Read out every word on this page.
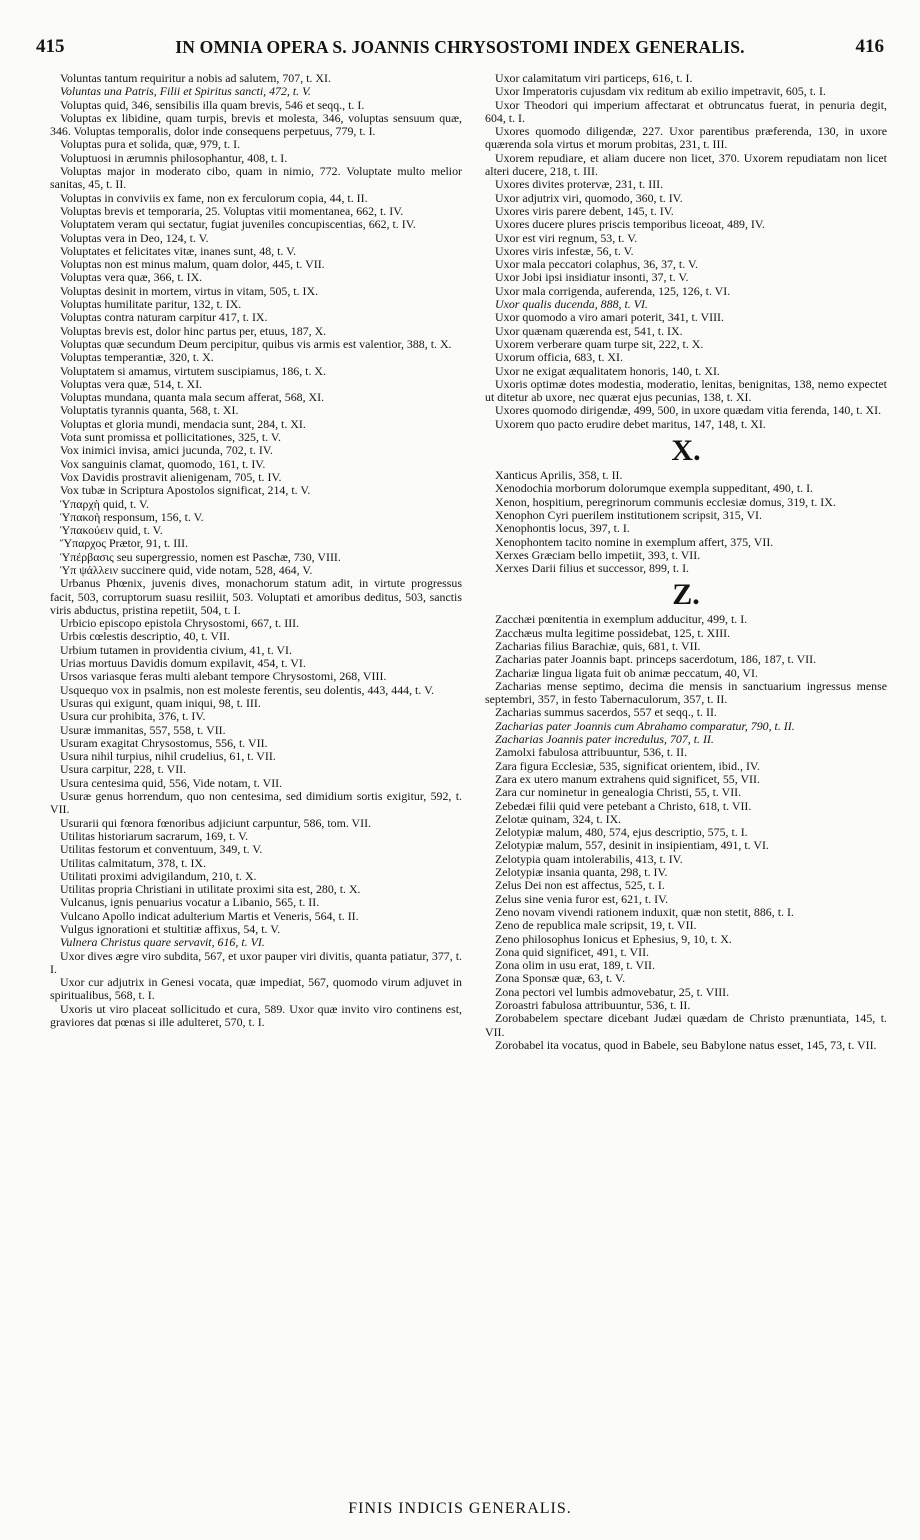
415	IN OMNIA OPERA S. JOANNIS CHRYSOSTOMI INDEX GENERALIS.	416
Voluntas tantum requiritur a nobis ad salutem, 707, t. XI.
Voluntas una Patris, Filii et Spiritus sancti, 472, t. V.
Voluptas quid, 346, sensibilis illa quam brevis, 546 et seqq., t. I.
Voluptas ex libidine, quam turpis, brevis et molesta, 346, voluptas sensuum quæ, 346. Voluptas temporalis, dolor inde consequens perpetuus, 779, t. I.
Voluptas pura et solida, quæ, 979, t. I.
Voluptuosi in ærumnis philosophantur, 408, t. I.
Voluptas major in moderato cibo, quam in nimio, 772. Voluptate multo melior sanitas, 45, t. II.
Voluptas in conviviis ex fame, non ex ferculorum copia, 44, t. II.
Voluptas brevis et temporaria, 25. Voluptas vitii momentanea, 662, t. IV.
Voluptatem veram qui sectatur, fugiat juveniles concupiscentias, 662, t. IV.
Voluptas vera in Deo, 124, t. V.
Voluptates et felicitates vitæ, inanes sunt, 48, t. V.
Voluptas non est minus malum, quam dolor, 445, t. VII.
Voluptas vera quæ, 366, t. IX.
Voluptas desinit in mortem, virtus in vitam, 505, t. IX.
Voluptas humilitate paritur, 132, t. IX.
Voluptas contra naturam carpitur 417, t. IX.
Voluptas brevis est, dolor hinc partus per, etuus, 187, X.
Voluptas quæ secundum Deum percipitur, quibus vis armis est valentior, 388, t. X.
Voluptas temperantiæ, 320, t. X.
Voluptatem si amamus, virtutem suscipiamus, 186, t. X.
Voluptas vera quæ, 514, t. XI.
Voluptas mundana, quanta mala secum afferat, 568, XI.
Voluptatis tyrannis quanta, 568, t. XI.
Voluptas et gloria mundi, mendacia sunt, 284, t. XI.
Vota sunt promissa et pollicitationes, 325, t. V.
Vox inimici invisa, amici jucunda, 702, t. IV.
Vox sanguinis clamat, quomodo, 161, t. IV.
Vox Davidis prostravit alienigenam, 705, t. IV.
Vox tubæ in Scriptura Apostolos significat, 214, t. V.
Ὑπαρχὴ quid, t. V.
Ὑπακοὴ responsum, 156, t. V.
Ὑπακούειν quid, t. V.
Ὕπαρχος Prætor, 91, t. III.
Ὑπέρβασις seu supergressio, nomen est Paschæ, 730, VIII.
Ὑπ ψάλλειν succinere quid, vide notam, 528, 464, V.
Urbanus Phœnix, juvenis dives, monachorum statum adit, in virtute progressus facit, 503, corruptorum suasu resiliit, 503. Voluptati et amoribus deditus, 503, sanctis viris abductus, pristina repetiit, 504, t. I.
Urbicio episcopo epistola Chrysostomi, 667, t. III.
Urbis cœlestis descriptio, 40, t. VII.
Urbium tutamen in providentia civium, 41, t. VI.
Urias mortuus Davidis domum expilavit, 454, t. VI.
Ursos variasque feras multi alebant tempore Chrysostomi, 268, VIII.
Usquequo vox in psalmis, non est moleste ferentis, seu dolentis, 443, 444, t. V.
Usuras qui exigunt, quam iniqui, 98, t. III.
Usura cur prohibita, 376, t. IV.
Usuræ immanitas, 557, 558, t. VII.
Usuram exagitat Chrysostomus, 556, t. VII.
Usura nihil turpius, nihil crudelius, 61, t. VII.
Usura carpitur, 228, t. VII.
Usura centesima quid, 556, Vide notam, t. VII.
Usuræ genus horrendum, quo non centesima, sed dimidium sortis exigitur, 592, t. VII.
Usurarii qui fœnora fœnoribus adjiciunt carpuntur, 586, tom. VII.
Utilitas historiarum sacrarum, 169, t. V.
Utilitas festorum et conventuum, 349, t. V.
Utilitas calmitatum, 378, t. IX.
Utilitati proximi advigilandum, 210, t. X.
Utilitas propria Christiani in utilitate proximi sita est, 280, t. X.
Vulcanus, ignis penuarius vocatur a Libanio, 565, t. II.
Vulcano Apollo indicat adulterium Martis et Veneris, 564, t. II.
Vulgus ignorationi et stultitiæ affixus, 54, t. V.
Vulnera Christus quare servavit, 616, t. VI.
Uxor dives ægre viro subdita, 567, et uxor pauper viri divitis, quanta patiatur, 377, t. I.
Uxor cur adjutrix in Genesi vocata, quæ impediat, 567, quomodo virum adjuvet in spiritualibus, 568, t. I.
Uxoris ut viro placeat sollicitudo et cura, 589. Uxor quæ invito viro continens est, graviores dat pœnas si ille adulteret, 570, t. I.
Uxor calamitatum viri particeps, 616, t. I.
Uxor Imperatoris cujusdam vix reditum ab exilio impetravit, 605, t. I.
Uxor Theodori qui imperium affectarat et obtruncatus fuerat, in penuria degit, 604, t. I.
Uxores quomodo diligendæ, 227. Uxor parentibus præferenda, 130, in uxore quærenda sola virtus et morum probitas, 231, t. III.
Uxorem repudiare, et aliam ducere non licet, 370. Uxorem repudiatam non licet alteri ducere, 218, t. III.
Uxores divites protervæ, 231, t. III.
Uxor adjutrix viri, quomodo, 360, t. IV.
Uxores viris parere debent, 145, t. IV.
Uxores ducere plures priscis temporibus liceoat, 489, IV.
Uxor est viri regnum, 53, t. V.
Uxores viris infestæ, 56, t. V.
Uxor mala peccatori colaphus, 36, 37, t. V.
Uxor Jobi ipsi insidiatur insonti, 37, t. V.
Uxor mala corrigenda, auferenda, 125, 126, t. VI.
Uxor qualis ducenda, 888, t. VI.
Uxor quomodo a viro amari poterit, 341, t. VIII.
Uxor quænam quærenda est, 541, t. IX.
Uxorem verberare quam turpe sit, 222, t. X.
Uxorum officia, 683, t. XI.
Uxor ne exigat æqualitatem honoris, 140, t. XI.
Uxoris optimæ dotes modestia, moderatio, lenitas, benignitas, 138, nemo expectet ut ditetur ab uxore, nec quærat ejus pecunias, 138, t. XI.
Uxores quomodo dirigendæ, 499, 500, in uxore quædam vitia ferenda, 140, t. XI.
Uxorem quo pacto erudire debet maritus, 147, 148, t. XI.
X.
Xanticus Aprilis, 358, t. II.
Xenodochia morborum dolorumque exempla suppeditant, 490, t. I.
Xenon, hospitium, peregrinorum communis ecclesiæ domus, 319, t. IX.
Xenophon Cyri puerilem institutionem scripsit, 315, VI.
Xenophontis locus, 397, t. I.
Xenophontem tacito nomine in exemplum affert, 375, VII.
Xerxes Græciam bello impetiit, 393, t. VII.
Xerxes Darii filius et successor, 899, t. I.
Z.
Zacchæi pœnitentia in exemplum adducitur, 499, t. I.
Zacchæus multa legitime possidebat, 125, t. XIII.
Zacharias filius Barachiæ, quis, 681, t. VII.
Zacharias pater Joannis bapt. princeps sacerdotum, 186, 187, t. VII.
Zachariæ lingua ligata fuit ob animæ peccatum, 40, VI.
Zacharias mense septimo, decima die mensis in sanctuarium ingressus mense septembri, 357, in festo Tabernaculorum, 357, t. II.
Zacharias summus sacerdos, 557 et seqq., t. II.
Zacharias pater Joannis cum Abrahamo comparatur, 790, t. II.
Zacharias Joannis pater incredulus, 707, t. II.
Zamolxi fabulosa attribuuntur, 536, t. II.
Zara figura Ecclesiæ, 535, significat orientem, ibid., IV.
Zara ex utero manum extrahens quid significet, 55, VII.
Zara cur nominetur in genealogia Christi, 55, t. VII.
Zebedæi filii quid vere petebant a Christo, 618, t. VII.
Zelotæ quinam, 324, t. IX.
Zelotypiæ malum, 480, 574, ejus descriptio, 575, t. I.
Zelotypiæ malum, 557, desinit in insipientiam, 491, t. VI.
Zelotypia quam intolerabilis, 413, t. IV.
Zelotypiæ insania quanta, 298, t. IV.
Zelus Dei non est affectus, 525, t. I.
Zelus sine venia furor est, 621, t. IV.
Zeno novam vivendi rationem induxit, quæ non stetit, 886, t. I.
Zeno de republica male scripsit, 19, t. VII.
Zeno philosophus Ionicus et Ephesius, 9, 10, t. X.
Zona quid significet, 491, t. VII.
Zona olim in usu erat, 189, t. VII.
Zona Sponsæ quæ, 63, t. V.
Zona pectori vel lumbis admovebatur, 25, t. VIII.
Zoroastri fabulosa attribuuntur, 536, t. II.
Zorobabelem spectare dicebant Judæi quædam de Christo prænuntiata, 145, t. VII.
Zorobabel ita vocatus, quod in Babele, seu Babylone natus esset, 145, 73, t. VII.
FINIS INDICIS GENERALIS.
